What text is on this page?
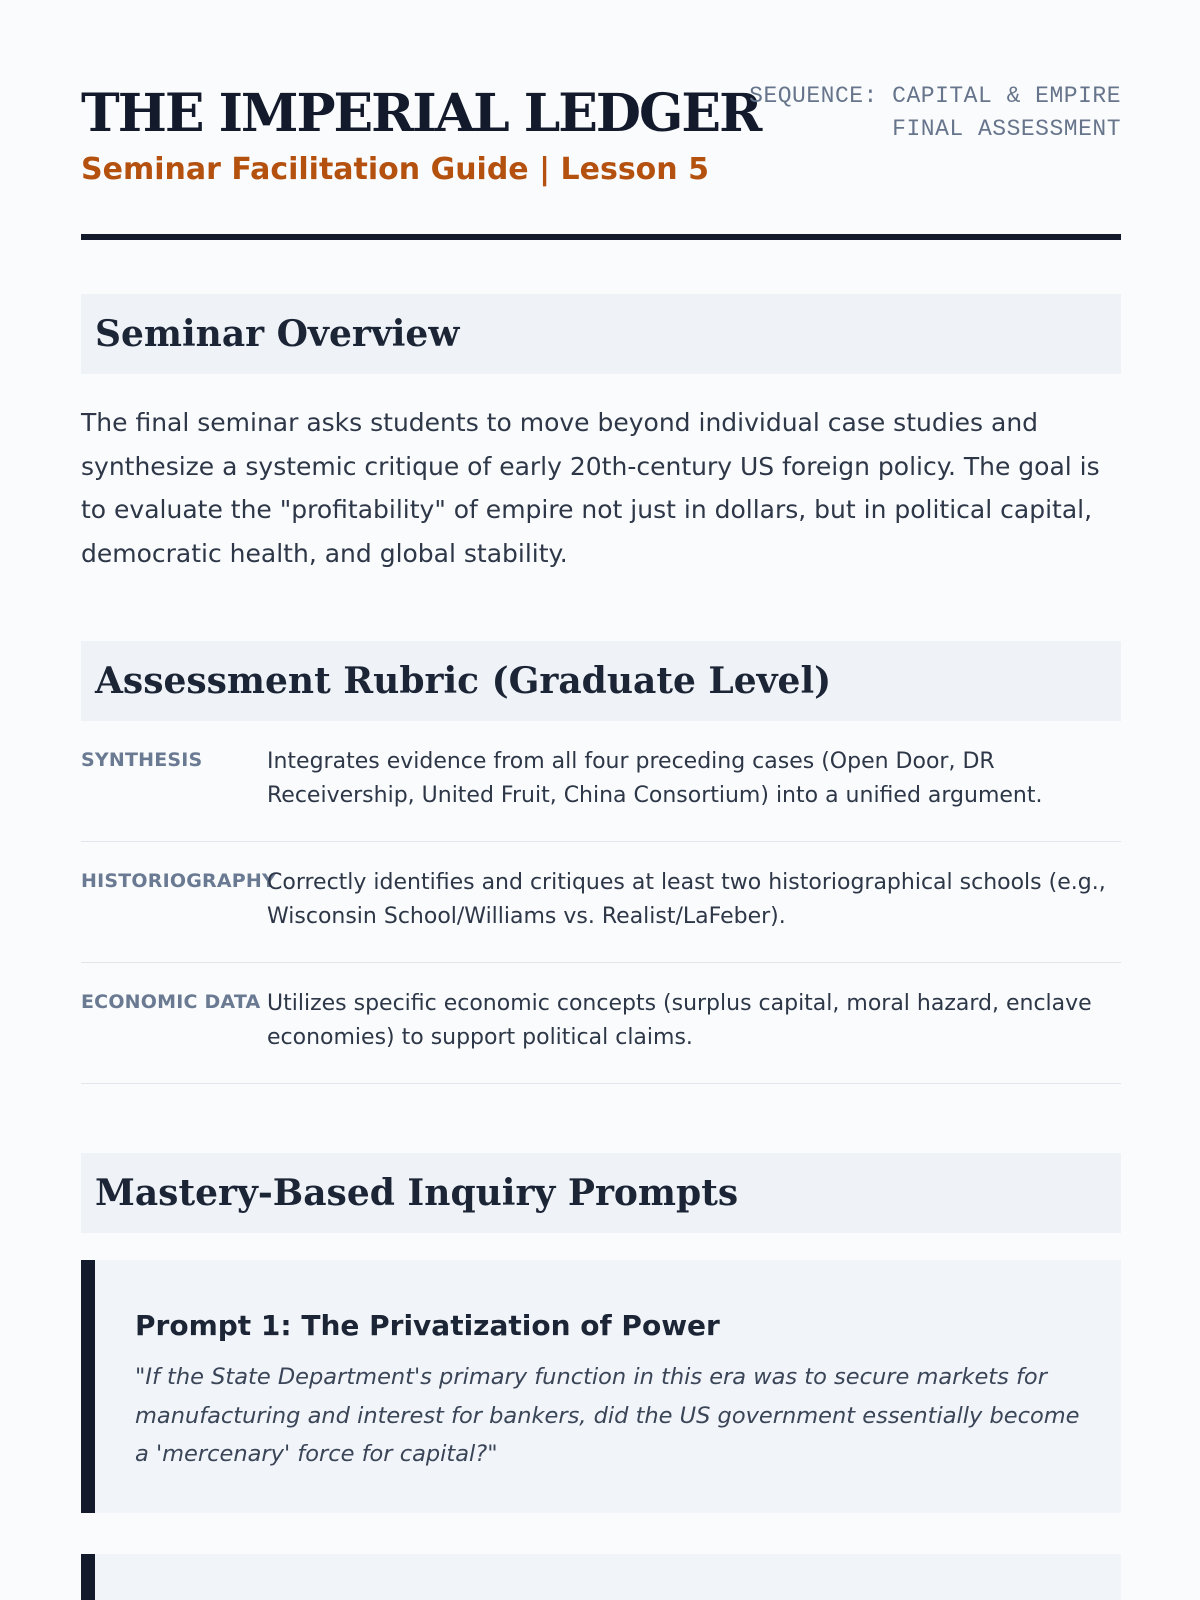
THE IMPERIAL LEDGER
Seminar Facilitation Guide | Lesson 5
SEQUENCE: CAPITAL & EMPIRE
FINAL ASSESSMENT
Seminar Overview

The final seminar asks students to move beyond individual case studies and synthesize a systemic critique of early 20th-century US foreign policy. The goal is to evaluate the "profitability" of empire not just in dollars, but in political capital, democratic health, and global stability.

Assessment Rubric (Graduate Level)
SYNTHESIS	Integrates evidence from all four preceding cases (Open Door, DR Receivership, United Fruit, China Consortium) into a unified argument.
HISTORIOGRAPHY
Correctly identifies and critiques at least two historiographical schools (e.g., Wisconsin School/Williams vs. Realist/LaFeber).
ECONOMIC DATA Utilizes specific economic concepts (surplus capital, moral hazard, enclave economies) to support political claims.
Mastery-Based Inquiry Prompts
Prompt 1: The Privatization of Power

"If the State Department's primary function in this era was to secure markets for manufacturing and interest for bankers, did the US government essentially become a 'mercenary' force for capital?"
